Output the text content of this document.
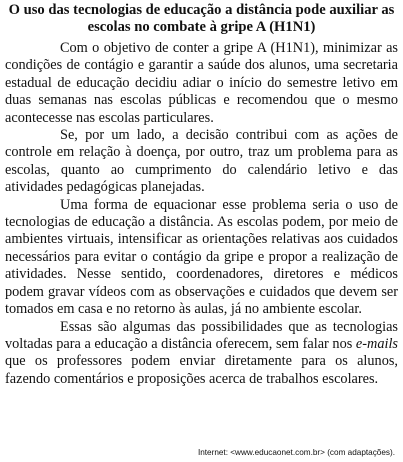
O uso das tecnologias de educação a distância pode auxiliar as escolas no combate à gripe A (H1N1)

Com o objetivo de conter a gripe A (H1N1), minimizar as condições de contágio e garantir a saúde dos alunos, uma secretaria estadual de educação decidiu adiar o início do semestre letivo em duas semanas nas escolas públicas e recomendou que o mesmo acontecesse nas escolas particulares.

Se, por um lado, a decisão contribui com as ações de controle em relação à doença, por outro, traz um problema para as escolas, quanto ao cumprimento do calendário letivo e das atividades pedagógicas planejadas.

Uma forma de equacionar esse problema seria o uso de tecnologias de educação a distância. As escolas podem, por meio de ambientes virtuais, intensificar as orientações relativas aos cuidados necessários para evitar o contágio da gripe e propor a realização de atividades. Nesse sentido, coordenadores, diretores e médicos podem gravar vídeos com as observações e cuidados que devem ser tomados em casa e no retorno às aulas, já no ambiente escolar.

Essas são algumas das possibilidades que as tecnologias voltadas para a educação a distância oferecem, sem falar nos e-mails que os professores podem enviar diretamente para os alunos, fazendo comentários e proposições acerca de trabalhos escolares.

Internet: <www.educaonet.com.br> (com adaptações).
